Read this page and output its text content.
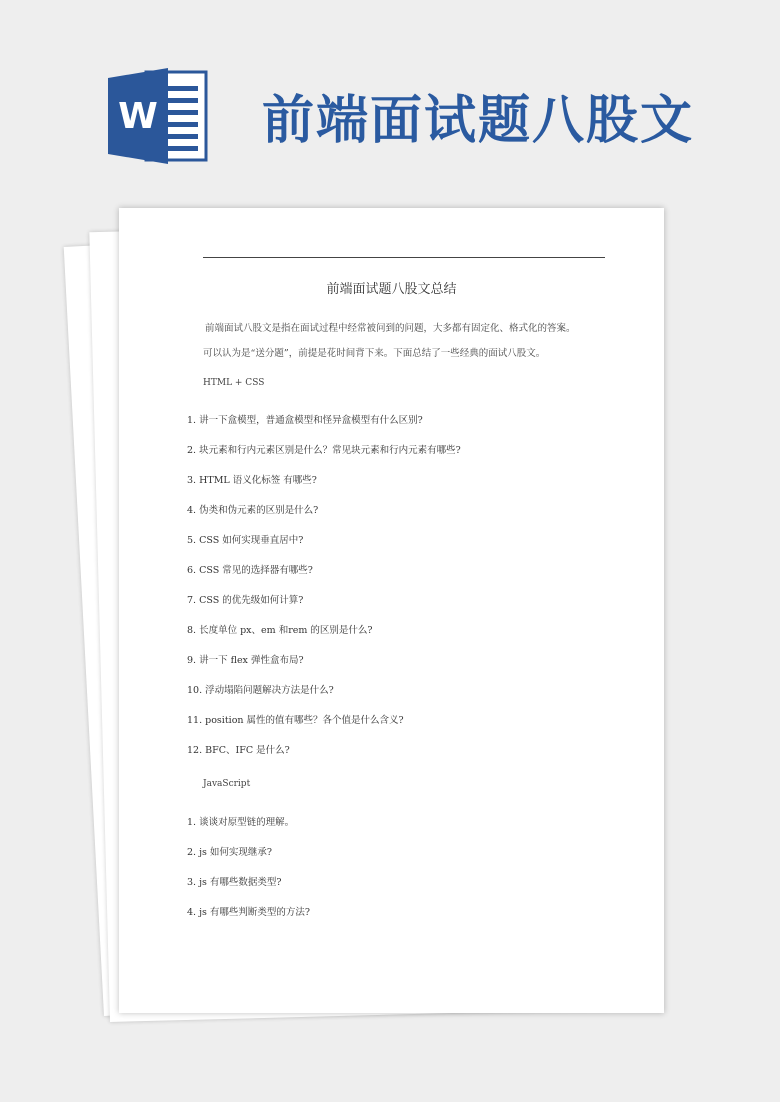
W 前端面试题八股文
前端面试题八股文总结
前端面试八股文是指在面试过程中经常被问到的问题，大多都有固定化、格式化的答案。
可以认为是“送分题”，前提是花时间背下来。下面总结了一些经典的面试八股文。
HTML + CSS
1. 讲一下盒模型，普通盒模型和怪异盒模型有什么区别?
2. 块元素和行内元素区别是什么？常见块元素和行内元素有哪些?
3. HTML 语义化标签 有哪些?
4. 伪类和伪元素的区别是什么?
5. CSS 如何实现垂直居中?
6. CSS 常见的选择器有哪些?
7. CSS 的优先级如何计算?
8. 长度单位 px、em 和rem 的区别是什么?
9. 讲一下 flex 弹性盒布局?
10. 浮动塌陷问题解决方法是什么?
11. position 属性的值有哪些？各个值是什么含义?
12. BFC、IFC 是什么?
JavaScript
1. 谈谈对原型链的理解。
2. js 如何实现继承?
3. js 有哪些数据类型?
4. js 有哪些判断类型的方法?
